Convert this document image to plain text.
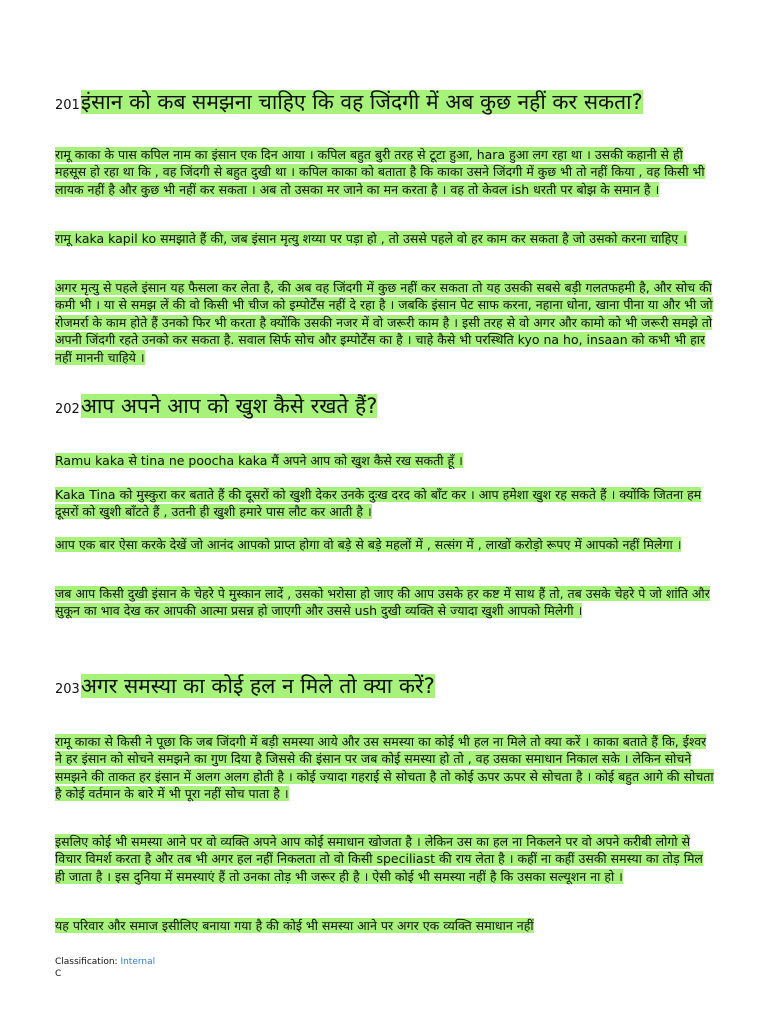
201इंसान को कब समझना चाहिए कि वह जिंदगी में अब कुछ नहीं कर सकता?
रामू काका के पास कपिल नाम का इंसान एक दिन आया । कपिल बहुत बुरी तरह से टूटा हुआ, hara हुआ लग रहा था । उसकी कहानी से ही महसूस हो रहा था कि , वह जिंदगी से बहुत दुखी था । कपिल काका को बताता है कि काका उसने जिंदगी में कुछ भी तो नहीं किया , वह किसी भी लायक नहीं है और कुछ भी नहीं कर सकता । अब तो उसका मर जाने का मन करता है । वह तो केवल ish धरती पर बोझ के समान है ।
रामू kaka kapil ko समझाते हैं की, जब इंसान मृत्यु शय्या पर पड़ा हो , तो उससे पहले वो हर काम कर सकता है जो उसको करना चाहिए ।
अगर मृत्यु से पहले इंसान यह फैसला कर लेता है, की अब वह जिंदगी में कुछ नहीं कर सकता तो यह उसकी सबसे बड़ी गलतफहमी है, और सोच की कमी भी । या से समझ लें की वो किसी भी चीज को इम्पोर्टेंस नहीं दे रहा है । जबकि इंसान पेट साफ करना, नहाना धोना, खाना पीना या और भी जो रोजमर्रा के काम होते हैं उनको फिर भी करता है क्योंकि उसकी नजर में वो जरूरी काम है । इसी तरह से वो अगर और कामो को भी जरूरी समझे तो अपनी जिंदगी रहते उनको कर सकता है. सवाल सिर्फ सोच और इम्पोर्टेंस का है । चाहे कैसे भी परस्थिति kyo na ho, insaan को कभी भी हार नहीं माननी चाहिये ।
202आप अपने आप को खुश कैसे रखते हैं?
Ramu kaka से tina ne poocha kaka मैं अपने आप को खुश कैसे रख सकती हूँ ।
Kaka Tina को मुस्कुरा कर बताते हैं की दूसरों को खुशी देकर उनके दुःख दरद को बाँट कर । आप हमेशा खुश रह सकते हैं । क्योंकि जितना हम दूसरों को खुशी बाँटते हैं , उतनी ही खुशी हमारे पास लौट कर आती है ।
आप एक बार ऐसा करके देखें जो आनंद आपको प्राप्त होगा वो बड़े से बड़े महलों में , सत्संग में , लाखों करोड़ो रूपए में आपको नहीं मिलेगा ।
जब आप किसी दुखी इंसान के चेहरे पे मुस्कान लादें , उसको भरोसा हो जाए की आप उसके हर कष्ट में साथ हैं तो, तब उसके चेहरे पे जो शांति और सुकून का भाव देख कर आपकी आत्मा प्रसन्न हो जाएगी और उससे ush दुखी व्यक्ति से ज्यादा खुशी आपको मिलेगी ।
203अगर समस्या का कोई हल न मिले तो क्या करें?
रामू काका से किसी ने पूछा कि जब जिंदगी में बड़ी समस्या आये और उस समस्या का कोई भी हल ना मिले तो क्या करें । काका बताते हैं कि, ईश्वर ने हर इंसान को सोचने समझने का गुण दिया है जिससे की इंसान पर जब कोई समस्या हो तो , वह उसका समाधान निकाल सके । लेकिन सोचने समझने की ताकत हर इंसान में अलग अलग होती है । कोई ज्यादा गहराई से सोचता है तो कोई ऊपर ऊपर से सोचता है । कोई बहुत आगे की सोचता है कोई वर्तमान के बारे में भी पूरा नहीं सोच पाता है ।
इसलिए कोई भी समस्या आने पर वो व्यक्ति अपने आप कोई समाधान खोजता है । लेकिन उस का हल ना निकलने पर वो अपने करीबी लोगो से विचार विमर्श करता है और तब भी अगर हल नहीं निकलता तो वो किसी speciliast की राय लेता है । कहीं ना कहीं उसकी समस्या का तोड़ मिल ही जाता है । इस दुनिया में समस्याएं हैं तो उनका तोड़ भी जरूर ही है । ऐसी कोई भी समस्या नहीं है कि उसका सल्यूशन ना हो ।
यह परिवार और समाज इसीलिए बनाया गया है की कोई भी समस्या आने पर अगर एक व्यक्ति समाधान नहीं
Classification: Internal
C
